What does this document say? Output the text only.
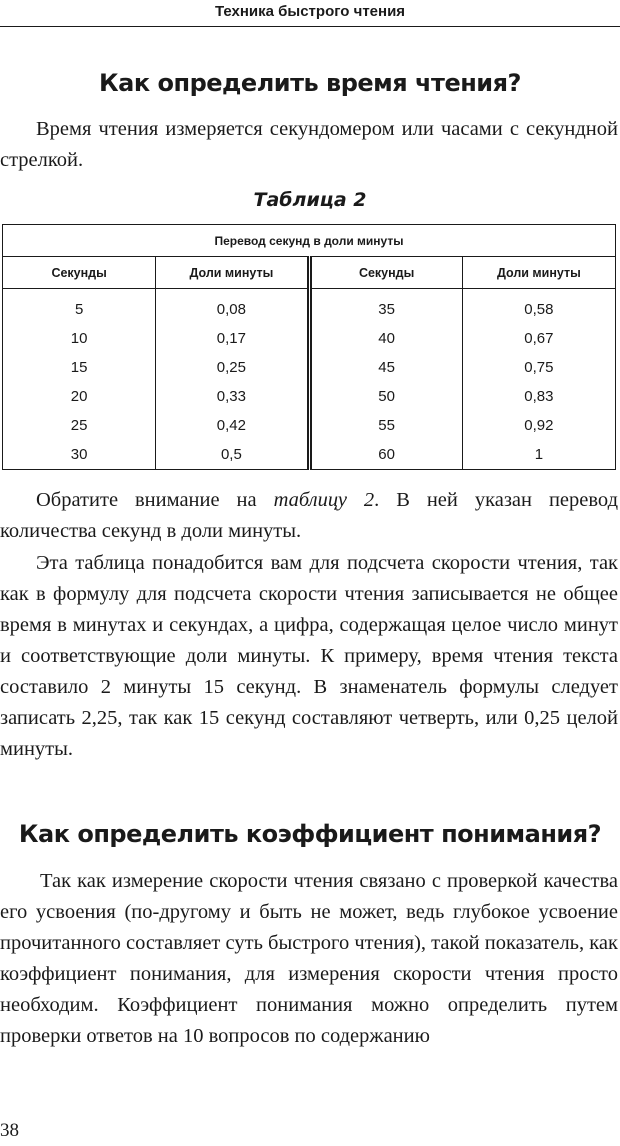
Техника быстрого чтения
Как определить время чтения?

Время чтения измеряется секундомером или часами с секундной стрелкой.

Таблица 2
Перевод секунд в доли минуты			
Секунды	Доли минуты	Секунды	Доли минуты
5	0,08	35	0,58
10	0,17	40	0,67
15	0,25	45	0,75
20	0,33	50	0,83
25	0,42	55	0,92
30	0,5	60	1

Обратите внимание на таблицу 2. В ней указан перевод количества секунд в доли минуты.

Эта таблица понадобится вам для подсчета скорости чтения, так как в формулу для подсчета скорости чтения записывается не общее время в минутах и секундах, а цифра, содержащая целое число минут и соответствующие доли минуты. К примеру, время чтения текста составило 2 минуты 15 секунд. В знаменатель формулы следует записать 2,25, так как 15 секунд составляют четверть, или 0,25 целой минуты.

Как определить коэффициент понимания?

Так как измерение скорости чтения связано с проверкой качества его усвоения (по-другому и быть не может, ведь глубокое усвоение прочитанного составляет суть быстрого чтения), такой показатель, как коэффициент понимания, для измерения скорости чтения просто необходим. Коэффициент понимания можно определить путем проверки ответов на 10 вопросов по содержанию

38
